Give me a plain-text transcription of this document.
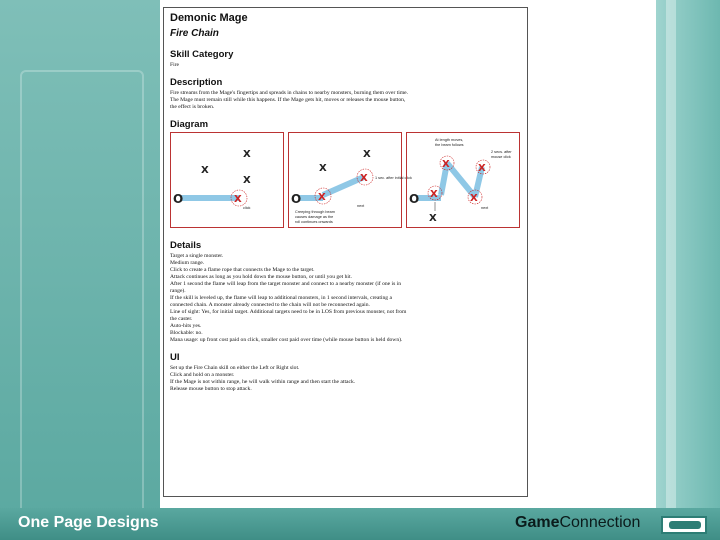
Demonic Mage
Fire Chain
Skill Category

Fire

Description

Fire streams from the Mage's fingertips and spreads in chains to nearby monsters, burning them over time.

The Mage must remain still while this happens. If the Mage gets hit, moves or releases the mouse button,

the effect is broken.

Diagram
O
X
X
X
X
click
O
X
X
X
X 1 sec. after initial click
Creeping through beam
causes damage as the
roll continues onwards
next	O
X
X
X
X
X
At length moves,
the beam follows
2 secs. after
mouse click
next
Details

Target a single monster.

Medium range.

Click to create a flame rope that connects the Mage to the target.

Attack continues as long as you hold down the mouse button, or until you get hit.

After 1 second the flame will leap from the target monster and connect to a nearby monster (if one is in

range).

If the skill is leveled up, the flame will leap to additional monsters, in 1 second intervals, creating a

connected chain. A monster already connected to the chain will not be reconnected again.

Line of sight: Yes, for initial target. Additional targets need to be in LOS from previous monster, not from

the caster.

Auto-hits yes.

Blockable: no.

Mana usage: up front cost paid on click, smaller cost paid over time (while mouse button is held down).

UI

Set up the Fire Chain skill on either the Left or Right slot.

Click and hold on a monster.

If the Mage is not within range, he will walk within range and then start the attack.

Release mouse button to stop attack.

One Page Designs	GameConnection
